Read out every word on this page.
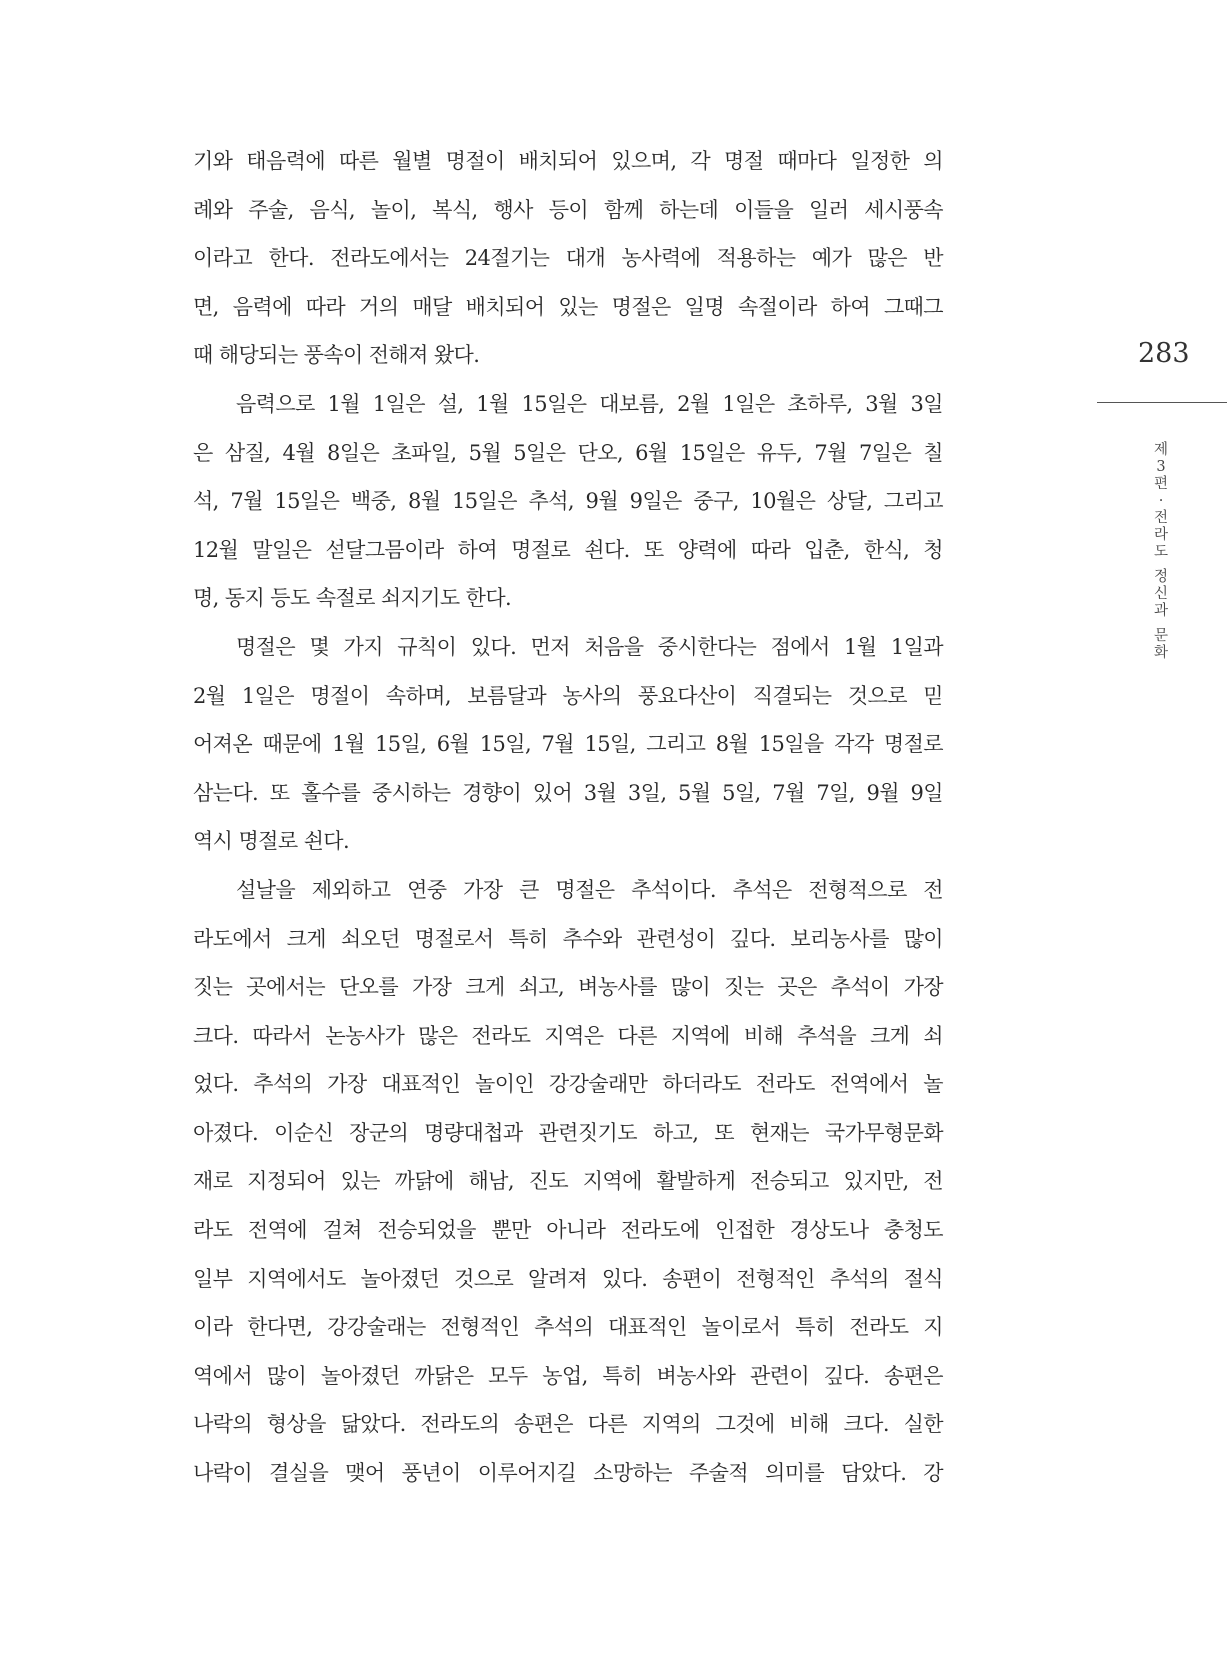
기와 태음력에 따른 월별 명절이 배치되어 있으며, 각 명절 때마다 일정한 의
례와 주술, 음식, 놀이, 복식, 행사 등이 함께 하는데 이들을 일러 세시풍속
이라고 한다. 전라도에서는 24절기는 대개 농사력에 적용하는 예가 많은 반
면, 음력에 따라 거의 매달 배치되어 있는 명절은 일명 속절이라 하여 그때그
때 해당되는 풍속이 전해져 왔다.
음력으로 1월 1일은 설, 1월 15일은 대보름, 2월 1일은 초하루, 3월 3일
은 삼질, 4월 8일은 초파일, 5월 5일은 단오, 6월 15일은 유두, 7월 7일은 칠
석, 7월 15일은 백중, 8월 15일은 추석, 9월 9일은 중구, 10월은 상달, 그리고
12월 말일은 섣달그믐이라 하여 명절로 쇤다. 또 양력에 따라 입춘, 한식, 청
명, 동지 등도 속절로 쇠지기도 한다.
명절은 몇 가지 규칙이 있다. 먼저 처음을 중시한다는 점에서 1월 1일과
2월 1일은 명절이 속하며, 보름달과 농사의 풍요다산이 직결되는 것으로 믿
어져온 때문에 1월 15일, 6월 15일, 7월 15일, 그리고 8월 15일을 각각 명절로
삼는다. 또 홀수를 중시하는 경향이 있어 3월 3일, 5월 5일, 7월 7일, 9월 9일
역시 명절로 쇤다.
설날을 제외하고 연중 가장 큰 명절은 추석이다. 추석은 전형적으로 전
라도에서 크게 쇠오던 명절로서 특히 추수와 관련성이 깊다. 보리농사를 많이
짓는 곳에서는 단오를 가장 크게 쇠고, 벼농사를 많이 짓는 곳은 추석이 가장
크다. 따라서 논농사가 많은 전라도 지역은 다른 지역에 비해 추석을 크게 쇠
었다. 추석의 가장 대표적인 놀이인 강강술래만 하더라도 전라도 전역에서 놀
아졌다. 이순신 장군의 명량대첩과 관련짓기도 하고, 또 현재는 국가무형문화
재로 지정되어 있는 까닭에 해남, 진도 지역에 활발하게 전승되고 있지만, 전
라도 전역에 걸쳐 전승되었을 뿐만 아니라 전라도에 인접한 경상도나 충청도
일부 지역에서도 놀아졌던 것으로 알려져 있다. 송편이 전형적인 추석의 절식
이라 한다면, 강강술래는 전형적인 추석의 대표적인 놀이로서 특히 전라도 지
역에서 많이 놀아졌던 까닭은 모두 농업, 특히 벼농사와 관련이 깊다. 송편은
나락의 형상을 닮았다. 전라도의 송편은 다른 지역의 그것에 비해 크다. 실한
나락이 결실을 맺어 풍년이 이루어지길 소망하는 주술적 의미를 담았다. 강
283
제
3
편
·
전
라
도
정
신
과
문
화
